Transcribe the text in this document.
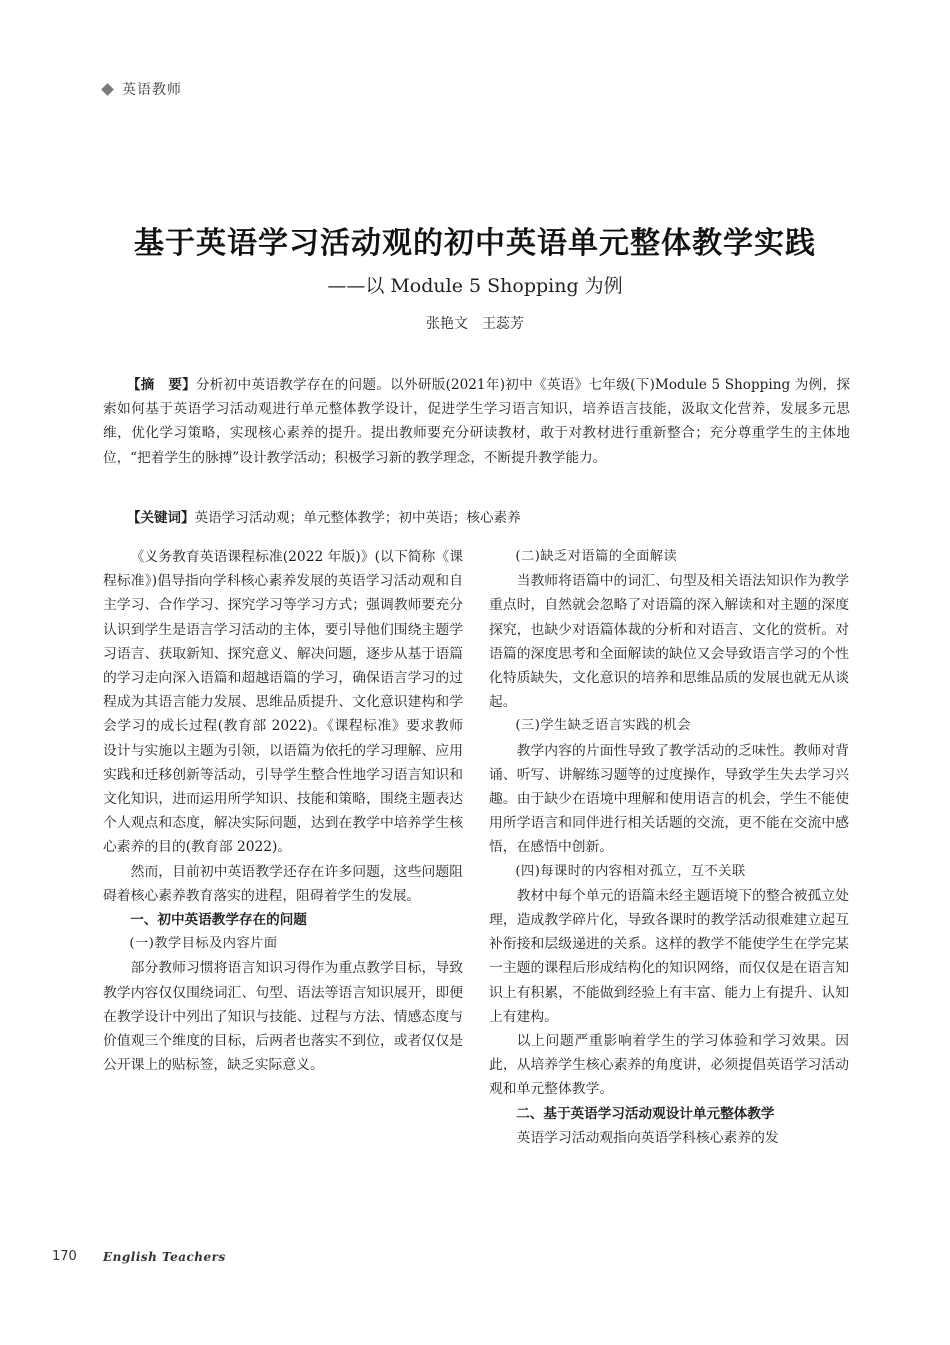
英语教师
基于英语学习活动观的初中英语单元整体教学实践
——以 Module 5 Shopping 为例
张艳文　王蕊芳

【摘　要】分析初中英语教学存在的问题。以外研版(2021年)初中《英语》七年级(下)Module 5 Shopping 为例，探索如何基于英语学习活动观进行单元整体教学设计，促进学生学习语言知识，培养语言技能，汲取文化营养，发展多元思维，优化学习策略，实现核心素养的提升。提出教师要充分研读教材，敢于对教材进行重新整合；充分尊重学生的主体地位，“把着学生的脉搏”设计教学活动；积极学习新的教学理念，不断提升教学能力。

【关键词】英语学习活动观；单元整体教学；初中英语；核心素养

《义务教育英语课程标准(2022 年版)》(以下简称《课程标准》)倡导指向学科核心素养发展的英语学习活动观和自主学习、合作学习、探究学习等学习方式；强调教师要充分认识到学生是语言学习活动的主体，要引导他们围绕主题学习语言、获取新知、探究意义、解决问题，逐步从基于语篇的学习走向深入语篇和超越语篇的学习，确保语言学习的过程成为其语言能力发展、思维品质提升、文化意识建构和学会学习的成长过程(教育部 2022)。《课程标准》要求教师设计与实施以主题为引领，以语篇为依托的学习理解、应用实践和迁移创新等活动，引导学生整合性地学习语言知识和文化知识，进而运用所学知识、技能和策略，围绕主题表达个人观点和态度，解决实际问题，达到在教学中培养学生核心素养的目的(教育部 2022)。

然而，目前初中英语教学还存在许多问题，这些问题阻碍着核心素养教育落实的进程，阻碍着学生的发展。

一、初中英语教学存在的问题
(一)教学目标及内容片面

部分教师习惯将语言知识习得作为重点教学目标，导致教学内容仅仅围绕词汇、句型、语法等语言知识展开，即便在教学设计中列出了知识与技能、过程与方法、情感态度与价值观三个维度的目标，后两者也落实不到位，或者仅仅是公开课上的贴标签，缺乏实际意义。

(二)缺乏对语篇的全面解读

当教师将语篇中的词汇、句型及相关语法知识作为教学重点时，自然就会忽略了对语篇的深入解读和对主题的深度探究，也缺少对语篇体裁的分析和对语言、文化的赏析。对语篇的深度思考和全面解读的缺位又会导致语言学习的个性化特质缺失，文化意识的培养和思维品质的发展也就无从谈起。

(三)学生缺乏语言实践的机会

教学内容的片面性导致了教学活动的乏味性。教师对背诵、听写、讲解练习题等的过度操作，导致学生失去学习兴趣。由于缺少在语境中理解和使用语言的机会，学生不能使用所学语言和同伴进行相关话题的交流，更不能在交流中感悟，在感悟中创新。

(四)每课时的内容相对孤立，互不关联

教材中每个单元的语篇未经主题语境下的整合被孤立处理，造成教学碎片化，导致各课时的教学活动很难建立起互补衔接和层级递进的关系。这样的教学不能使学生在学完某一主题的课程后形成结构化的知识网络，而仅仅是在语言知识上有积累，不能做到经验上有丰富、能力上有提升、认知上有建构。

以上问题严重影响着学生的学习体验和学习效果。因此，从培养学生核心素养的角度讲，必须提倡英语学习活动观和单元整体教学。

二、基于英语学习活动观设计单元整体教学

英语学习活动观指向英语学科核心素养的发

170 English Teachers
